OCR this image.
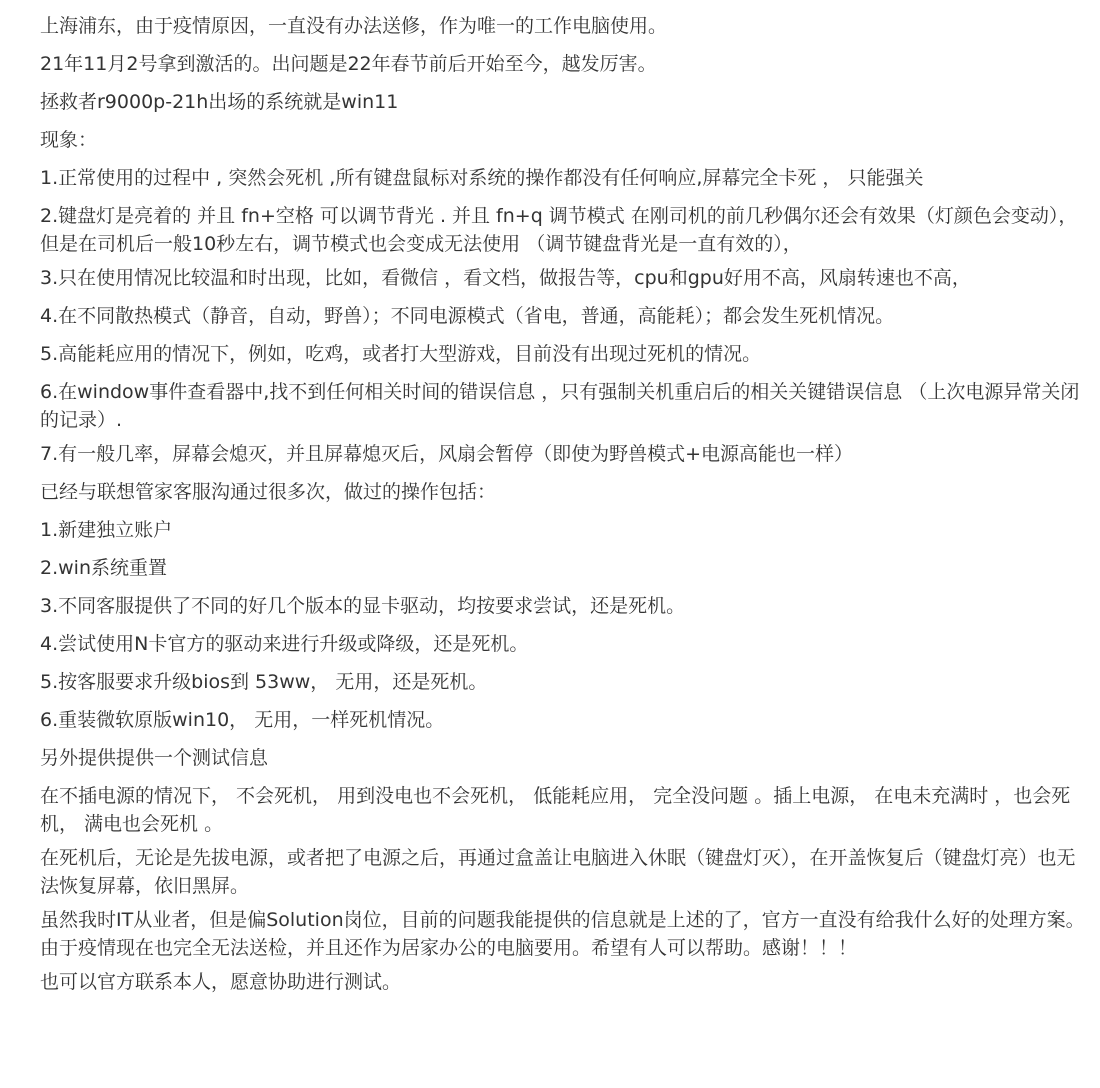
上海浦东，由于疫情原因，一直没有办法送修，作为唯一的工作电脑使用。

21年11月2号拿到激活的。出问题是22年春节前后开始至今，越发厉害。

拯救者r9000p-21h出场的系统就是win11

现象：

1.正常使用的过程中 , 突然会死机 ,所有键盘鼠标对系统的操作都没有任何响应,屏幕完全卡死 ， 只能强关

2.键盘灯是亮着的 并且 fn+空格 可以调节背光 . 并且 fn+q 调节模式 在刚司机的前几秒偶尔还会有效果（灯颜色会变动），但是在司机后一般10秒左右，调节模式也会变成无法使用 （调节键盘背光是一直有效的），

3.只在使用情况比较温和时出现，比如，看微信 ，看文档，做报告等，cpu和gpu好用不高，风扇转速也不高，

4.在不同散热模式（静音，自动，野兽）；不同电源模式（省电，普通，高能耗）；都会发生死机情况。

5.高能耗应用的情况下，例如，吃鸡，或者打大型游戏，目前没有出现过死机的情况。

6.在window事件查看器中,找不到任何相关时间的错误信息 ，只有强制关机重启后的相关关键错误信息 （上次电源异常关闭的记录）.

7.有一般几率，屏幕会熄灭，并且屏幕熄灭后，风扇会暂停（即使为野兽模式+电源高能也一样）

已经与联想管家客服沟通过很多次，做过的操作包括：

1.新建独立账户

2.win系统重置

3.不同客服提供了不同的好几个版本的显卡驱动，均按要求尝试，还是死机。

4.尝试使用N卡官方的驱动来进行升级或降级，还是死机。

5.按客服要求升级bios到 53ww， 无用，还是死机。

6.重装微软原版win10， 无用，一样死机情况。

另外提供提供一个测试信息

在不插电源的情况下， 不会死机， 用到没电也不会死机， 低能耗应用， 完全没问题 。插上电源， 在电未充满时 ，也会死机， 满电也会死机 。

在死机后，无论是先拔电源，或者把了电源之后，再通过盒盖让电脑进入休眠（键盘灯灭），在开盖恢复后（键盘灯亮）也无法恢复屏幕，依旧黑屏。

虽然我时IT从业者，但是偏Solution岗位，目前的问题我能提供的信息就是上述的了，官方一直没有给我什么好的处理方案。由于疫情现在也完全无法送检，并且还作为居家办公的电脑要用。希望有人可以帮助。感谢！！！

也可以官方联系本人，愿意协助进行测试。
